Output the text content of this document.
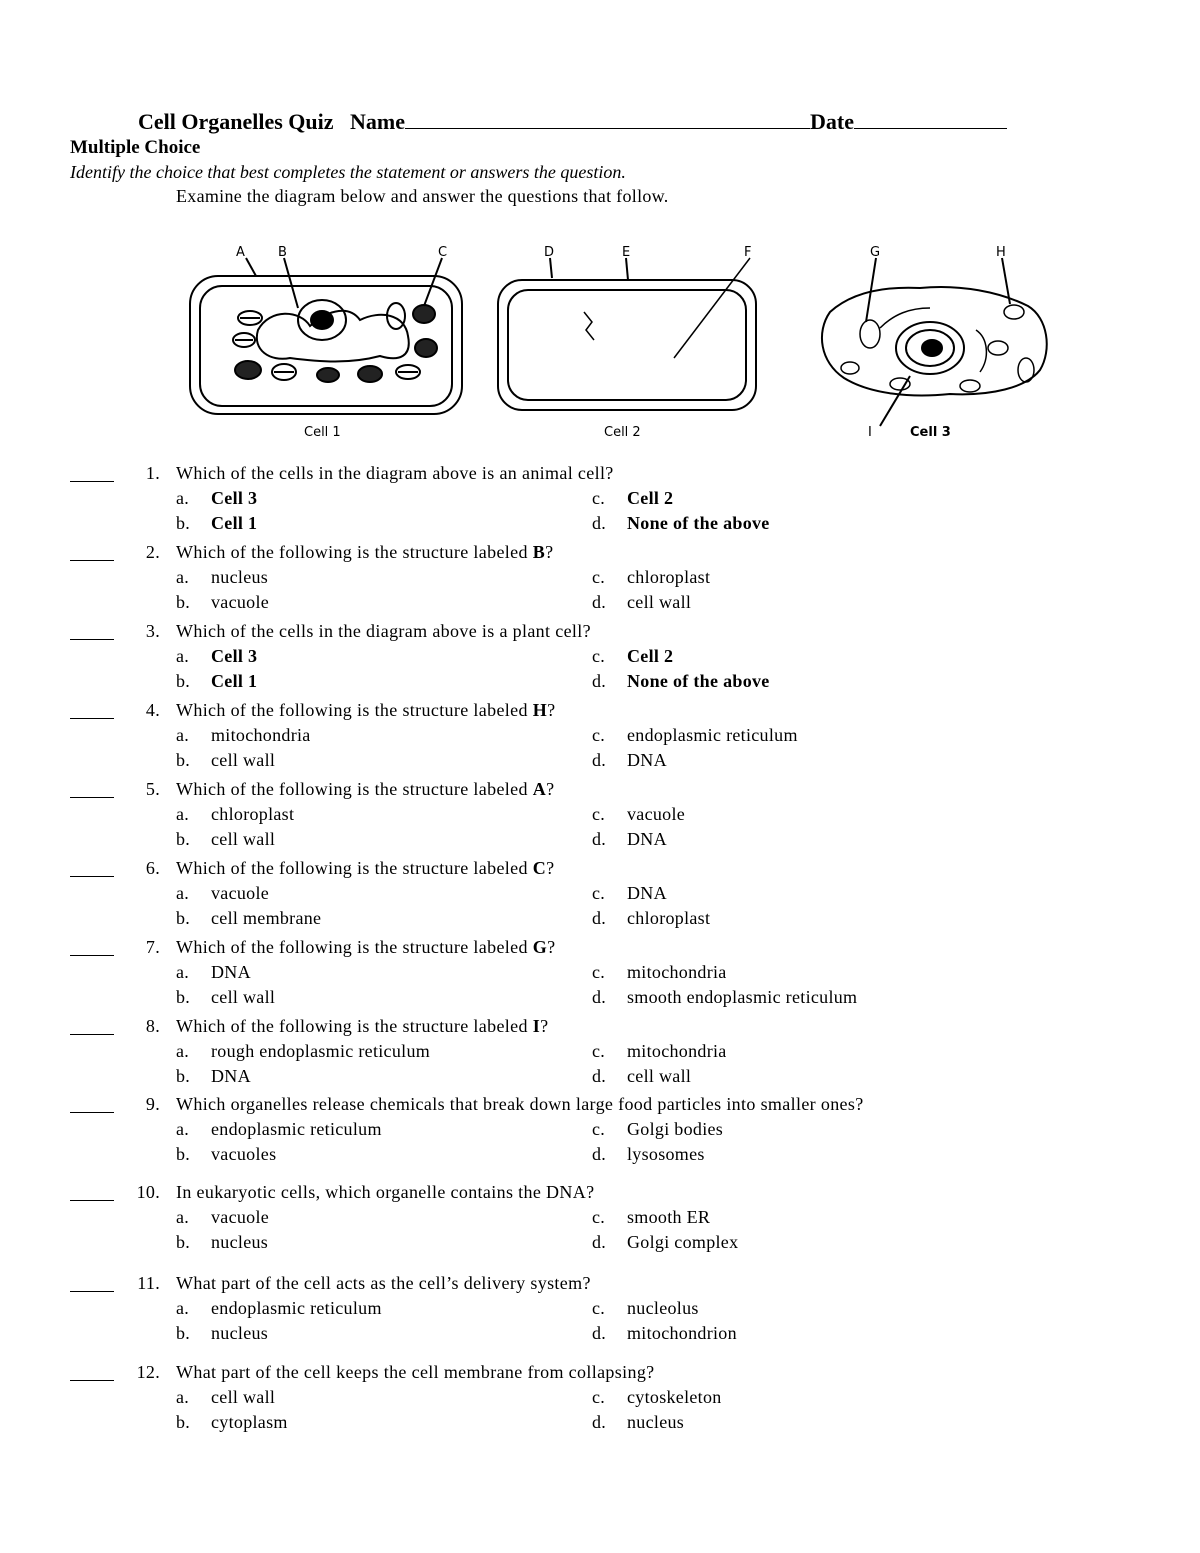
Cell Organelles Quiz Name	Date
Multiple Choice
Identify the choice that best completes the statement or answers the question.
Examine the diagram below and answer the questions that follow.
A	B	C	D	E	F	G	H
I
Cell 1	Cell 2	Cell 3
1. Which of the cells in the diagram above is an animal cell?
a. Cell 3
b. Cell 1
c. Cell 2
d. None of the above
2. Which of the following is the structure labeled B?
a. nucleus
b. vacuole
c. chloroplast
d. cell wall
3. Which of the cells in the diagram above is a plant cell?
a. Cell 3
b. Cell 1
c. Cell 2
d. None of the above
4. Which of the following is the structure labeled H?
a. mitochondria
b. cell wall
c. endoplasmic reticulum
d. DNA
5. Which of the following is the structure labeled A?
a. chloroplast
b. cell wall
c. vacuole
d. DNA
6. Which of the following is the structure labeled C?
a. vacuole
b. cell membrane
c. DNA
d. chloroplast
7. Which of the following is the structure labeled G?
a. DNA
b. cell wall
c. mitochondria
d. smooth endoplasmic reticulum
8. Which of the following is the structure labeled I?
a. rough endoplasmic reticulum
b. DNA
c. mitochondria
d. cell wall
9. Which organelles release chemicals that break down large food particles into smaller ones?
a. endoplasmic reticulum
b. vacuoles
c. Golgi bodies
d. lysosomes
10. In eukaryotic cells, which organelle contains the DNA?
a. vacuole
b. nucleus
c. smooth ER
d. Golgi complex
11. What part of the cell acts as the cell’s delivery system?
a. endoplasmic reticulum
b. nucleus
c. nucleolus
d. mitochondrion
12. What part of the cell keeps the cell membrane from collapsing?
a. cell wall
b. cytoplasm
c. cytoskeleton
d. nucleus
